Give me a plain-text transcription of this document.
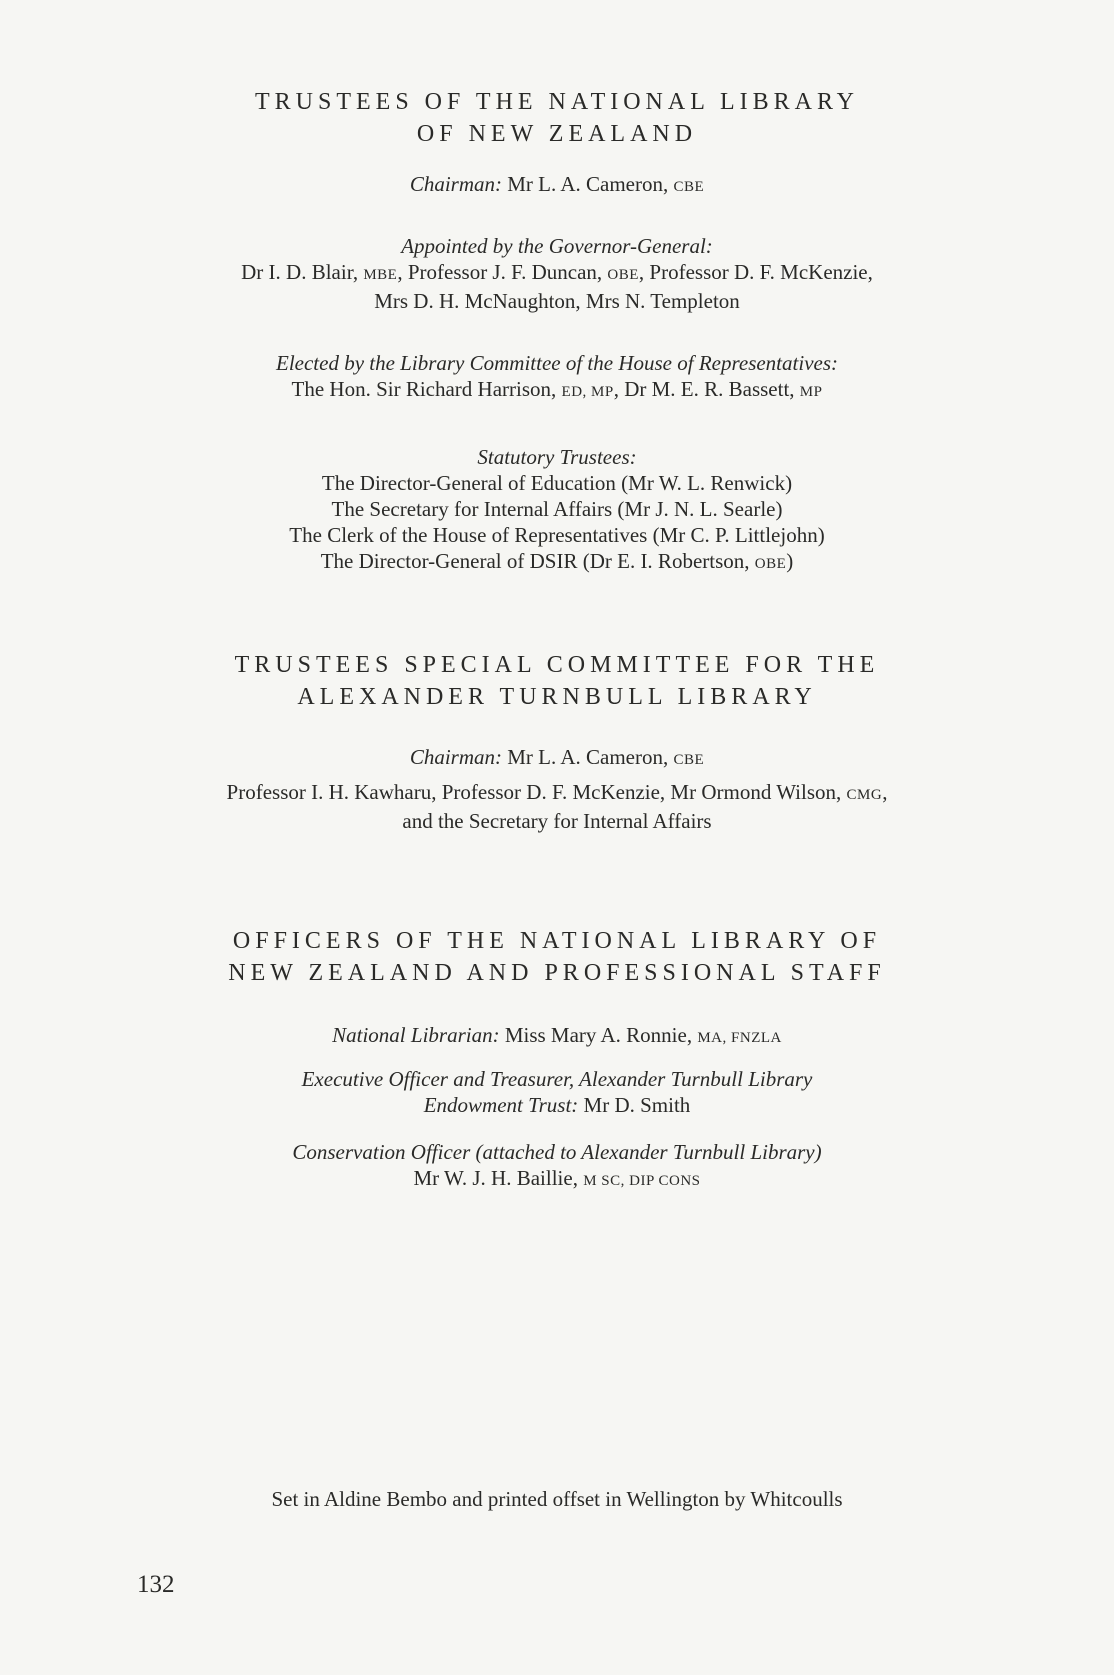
TRUSTEES OF THE NATIONAL LIBRARY

OF NEW ZEALAND

Chairman: Mr L. A. Cameron, CBE

Appointed by the Governor-General:

Dr I. D. Blair, MBE, Professor J. F. Duncan, OBE, Professor D. F. McKenzie,

Mrs D. H. McNaughton, Mrs N. Templeton

Elected by the Library Committee of the House of Representatives:

The Hon. Sir Richard Harrison, ED, MP, Dr M. E. R. Bassett, MP

Statutory Trustees:

The Director-General of Education (Mr W. L. Renwick)

The Secretary for Internal Affairs (Mr J. N. L. Searle)

The Clerk of the House of Representatives (Mr C. P. Littlejohn)

The Director-General of DSIR (Dr E. I. Robertson, OBE)

TRUSTEES SPECIAL COMMITTEE FOR THE

ALEXANDER TURNBULL LIBRARY

Chairman: Mr L. A. Cameron, CBE

Professor I. H. Kawharu, Professor D. F. McKenzie, Mr Ormond Wilson, CMG,

and the Secretary for Internal Affairs

OFFICERS OF THE NATIONAL LIBRARY OF

NEW ZEALAND AND PROFESSIONAL STAFF

National Librarian: Miss Mary A. Ronnie, MA, FNZLA

Executive Officer and Treasurer, Alexander Turnbull Library

Endowment Trust: Mr D. Smith

Conservation Officer (attached to Alexander Turnbull Library)

Mr W. J. H. Baillie, M SC, DIP CONS

Set in Aldine Bembo and printed offset in Wellington by Whitcoulls

132
